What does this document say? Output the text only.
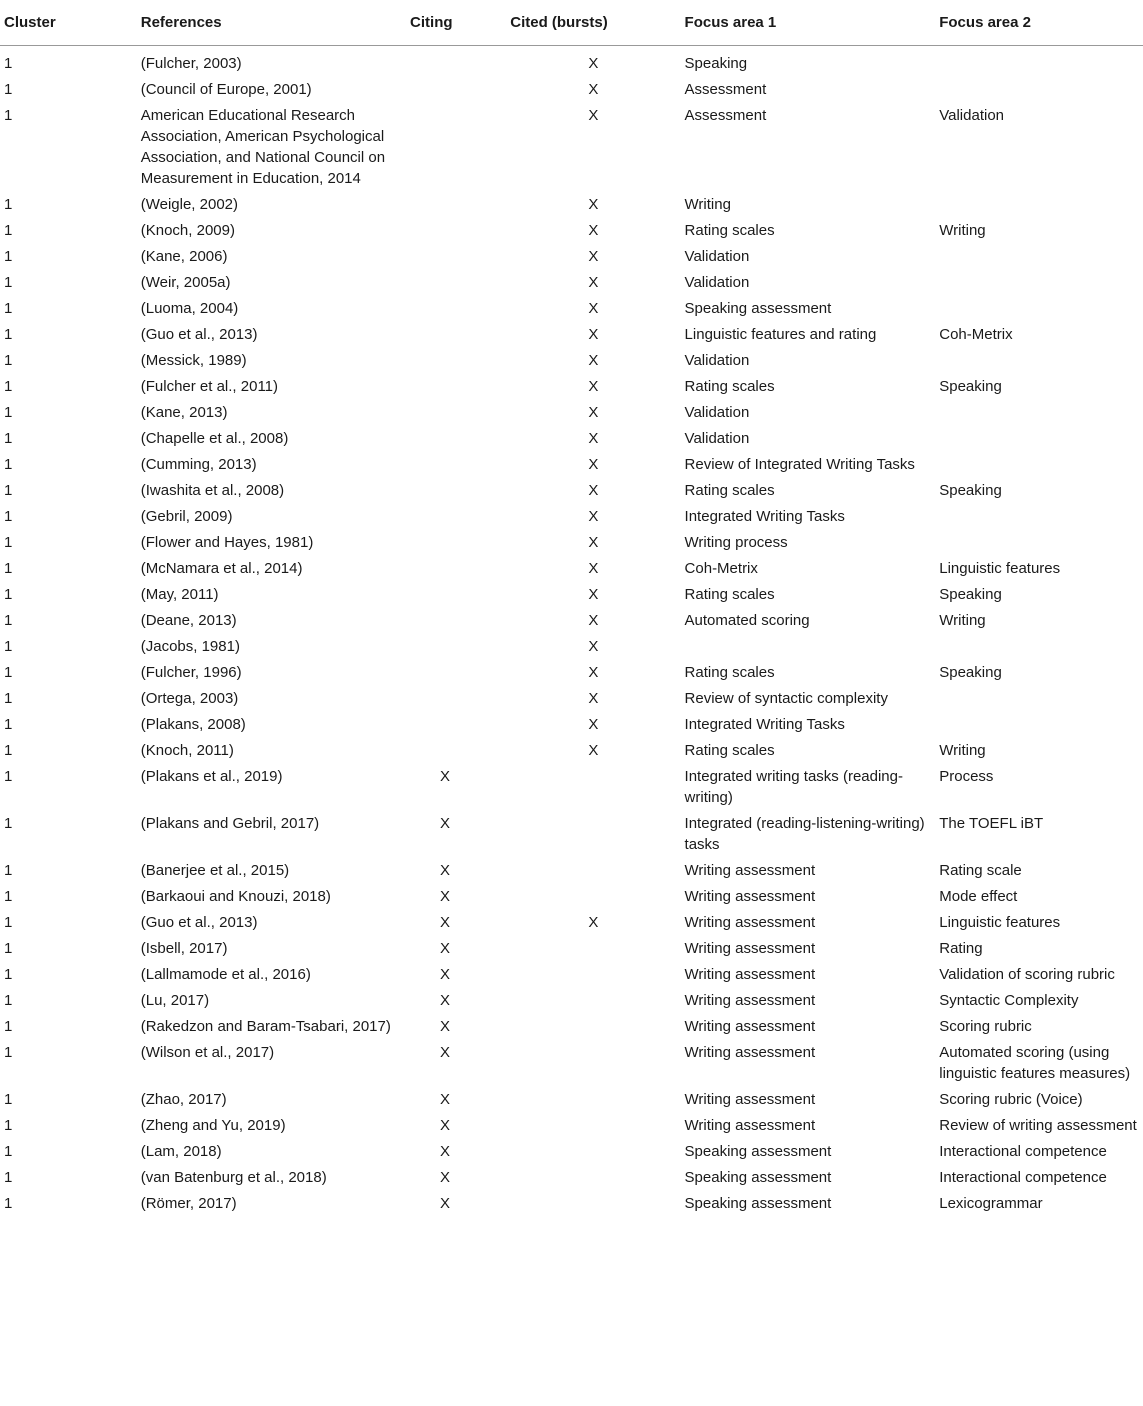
Cluster	References	Citing	Cited (bursts)	Focus area 1	Focus area 2
1	(Fulcher, 2003)		X	Speaking	
1	(Council of Europe, 2001)		X	Assessment	
1	American Educational Research Association, American Psychological Association, and National Council on Measurement in Education, 2014		X	Assessment	Validation
1	(Weigle, 2002)		X	Writing	
1	(Knoch, 2009)		X	Rating scales	Writing
1	(Kane, 2006)		X	Validation	
1	(Weir, 2005a)		X	Validation	
1	(Luoma, 2004)		X	Speaking assessment	
1	(Guo et al., 2013)		X	Linguistic features and rating	Coh-Metrix
1	(Messick, 1989)		X	Validation	
1	(Fulcher et al., 2011)		X	Rating scales	Speaking
1	(Kane, 2013)		X	Validation	
1	(Chapelle et al., 2008)		X	Validation	
1	(Cumming, 2013)		X	Review of Integrated Writing Tasks	
1	(Iwashita et al., 2008)		X	Rating scales	Speaking
1	(Gebril, 2009)		X	Integrated Writing Tasks	
1	(Flower and Hayes, 1981)		X	Writing process	
1	(McNamara et al., 2014)		X	Coh-Metrix	Linguistic features
1	(May, 2011)		X	Rating scales	Speaking
1	(Deane, 2013)		X	Automated scoring	Writing
1	(Jacobs, 1981)		X		
1	(Fulcher, 1996)		X	Rating scales	Speaking
1	(Ortega, 2003)		X	Review of syntactic complexity	
1	(Plakans, 2008)		X	Integrated Writing Tasks	
1	(Knoch, 2011)		X	Rating scales	Writing
1	(Plakans et al., 2019)	X		Integrated writing tasks (reading-writing)	Process
1	(Plakans and Gebril, 2017)	X		Integrated (reading-listening-writing) tasks	The TOEFL iBT
1	(Banerjee et al., 2015)	X		Writing assessment	Rating scale
1	(Barkaoui and Knouzi, 2018)	X		Writing assessment	Mode effect
1	(Guo et al., 2013)	X	X	Writing assessment	Linguistic features
1	(Isbell, 2017)	X		Writing assessment	Rating
1	(Lallmamode et al., 2016)	X		Writing assessment	Validation of scoring rubric
1	(Lu, 2017)	X		Writing assessment	Syntactic Complexity
1	(Rakedzon and Baram-Tsabari, 2017)	X		Writing assessment	Scoring rubric
1	(Wilson et al., 2017)	X		Writing assessment	Automated scoring (using linguistic features measures)
1	(Zhao, 2017)	X		Writing assessment	Scoring rubric (Voice)
1	(Zheng and Yu, 2019)	X		Writing assessment	Review of writing assessment
1	(Lam, 2018)	X		Speaking assessment	Interactional competence
1	(van Batenburg et al., 2018)	X		Speaking assessment	Interactional competence
1	(Römer, 2017)	X		Speaking assessment	Lexicogrammar
